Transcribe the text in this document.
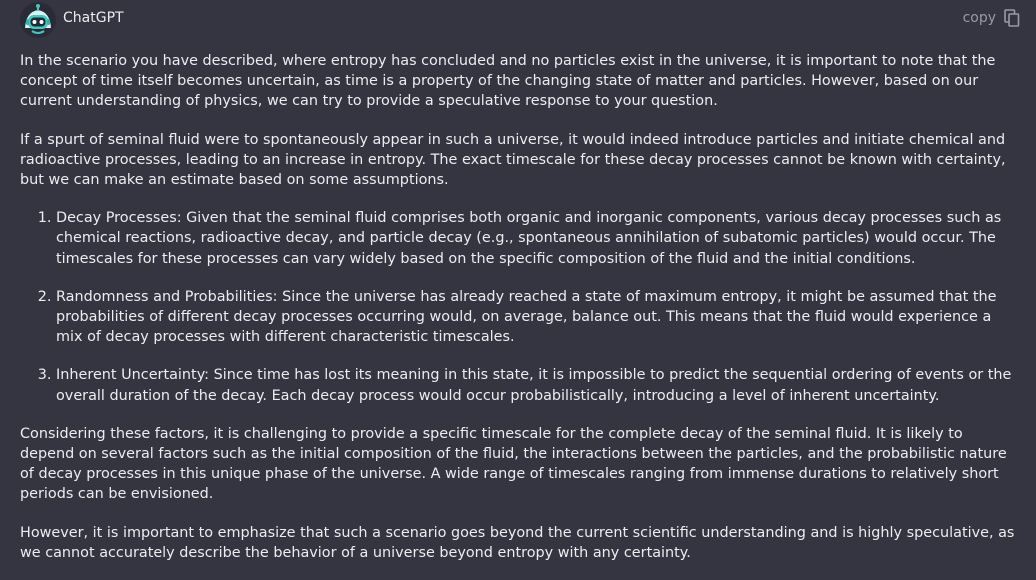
ChatGPT	copy

In the scenario you have described, where entropy has concluded and no particles exist in the universe, it is important to note that the concept of time itself becomes uncertain, as time is a property of the changing state of matter and particles. However, based on our current understanding of physics, we can try to provide a speculative response to your question.

If a spurt of seminal fluid were to spontaneously appear in such a universe, it would indeed introduce particles and initiate chemical and radioactive processes, leading to an increase in entropy. The exact timescale for these decay processes cannot be known with certainty, but we can make an estimate based on some assumptions.

1. Decay Processes: Given that the seminal fluid comprises both organic and inorganic components, various decay processes such as chemical reactions, radioactive decay, and particle decay (e.g., spontaneous annihilation of subatomic particles) would occur. The timescales for these processes can vary widely based on the specific composition of the fluid and the initial conditions.
2. Randomness and Probabilities: Since the universe has already reached a state of maximum entropy, it might be assumed that the probabilities of different decay processes occurring would, on average, balance out. This means that the fluid would experience a mix of decay processes with different characteristic timescales.
3. Inherent Uncertainty: Since time has lost its meaning in this state, it is impossible to predict the sequential ordering of events or the overall duration of the decay. Each decay process would occur probabilistically, introducing a level of inherent uncertainty.

Considering these factors, it is challenging to provide a specific timescale for the complete decay of the seminal fluid. It is likely to depend on several factors such as the initial composition of the fluid, the interactions between the particles, and the probabilistic nature of decay processes in this unique phase of the universe. A wide range of timescales ranging from immense durations to relatively short periods can be envisioned.

However, it is important to emphasize that such a scenario goes beyond the current scientific understanding and is highly speculative, as we cannot accurately describe the behavior of a universe beyond entropy with any certainty.
